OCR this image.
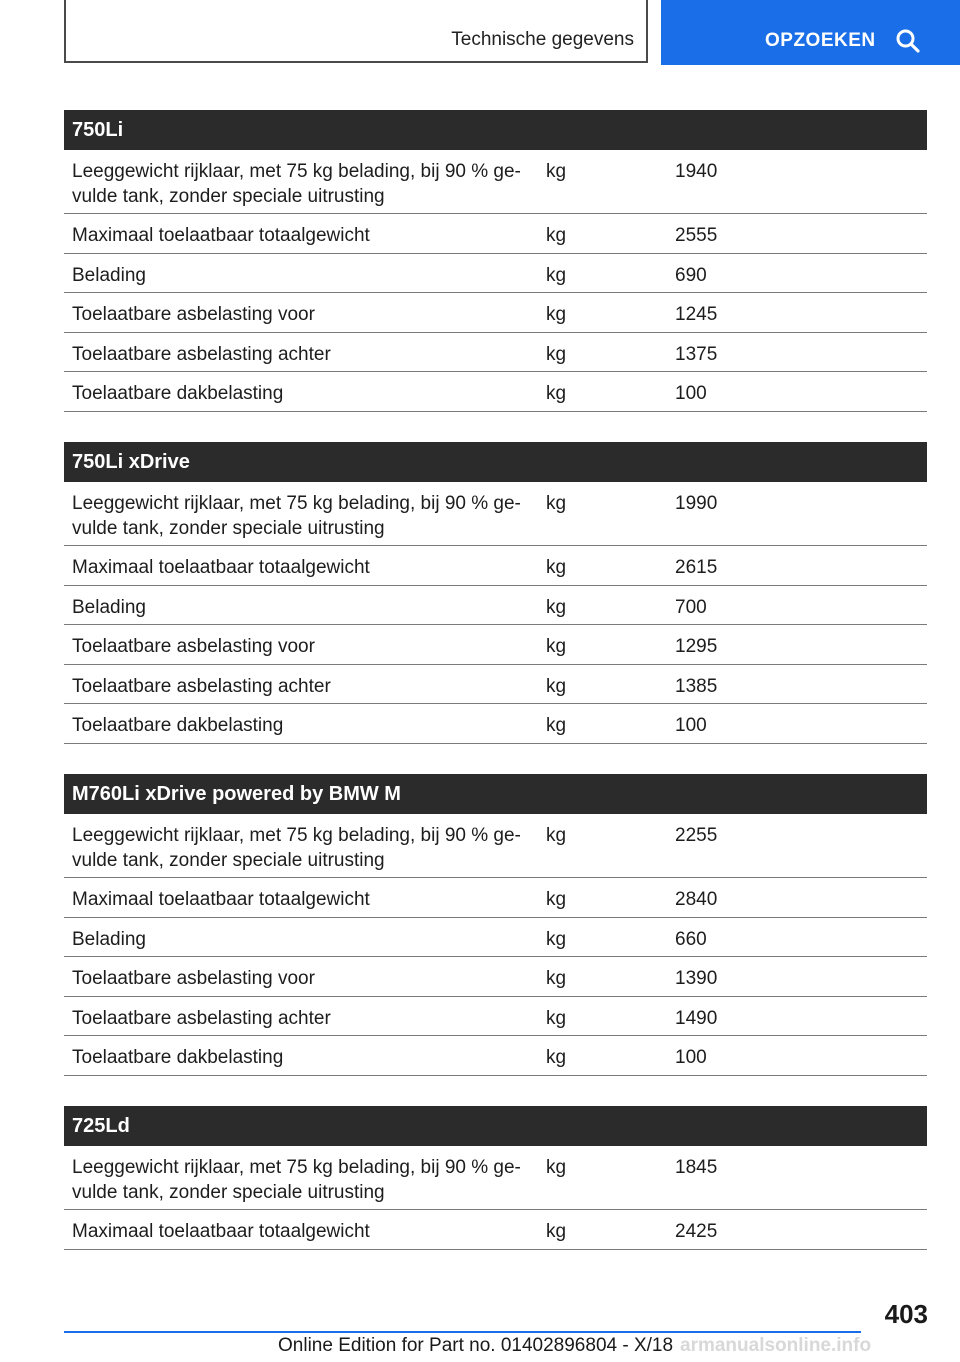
Technische gegevens	OPZOEKEN
750Li
Leeggewicht rijklaar, met 75 kg belading, bij 90 % ge-
vulde tank, zonder speciale uitrusting
kg	1940
Maximaal toelaatbaar totaalgewicht	kg	2555
Belading	kg	690
Toelaatbare asbelasting voor	kg	1245
Toelaatbare asbelasting achter	kg	1375
Toelaatbare dakbelasting	kg	100
750Li xDrive
Leeggewicht rijklaar, met 75 kg belading, bij 90 % ge-
vulde tank, zonder speciale uitrusting
kg	1990
Maximaal toelaatbaar totaalgewicht	kg	2615
Belading	kg	700
Toelaatbare asbelasting voor	kg	1295
Toelaatbare asbelasting achter	kg	1385
Toelaatbare dakbelasting	kg	100
M760Li xDrive powered by BMW M
Leeggewicht rijklaar, met 75 kg belading, bij 90 % ge-
vulde tank, zonder speciale uitrusting
kg	2255
Maximaal toelaatbaar totaalgewicht	kg	2840
Belading	kg	660
Toelaatbare asbelasting voor	kg	1390
Toelaatbare asbelasting achter	kg	1490
Toelaatbare dakbelasting	kg	100
725Ld
Leeggewicht rijklaar, met 75 kg belading, bij 90 % ge-
vulde tank, zonder speciale uitrusting
kg	1845
Maximaal toelaatbaar totaalgewicht	kg	2425
403
Online Edition for Part no. 01402896804 - X/18 armanualsonline.info
